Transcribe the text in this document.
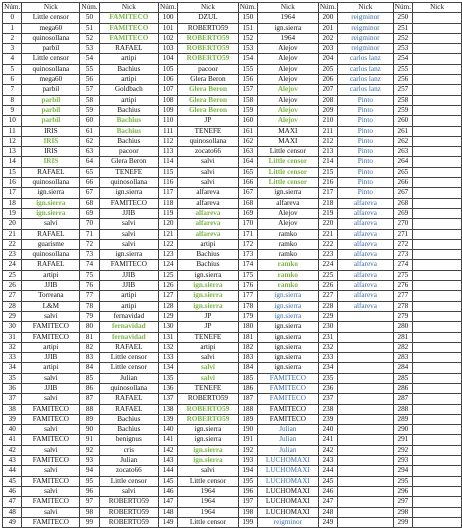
Núm.	Nick	Núm.	Nick	Núm.	Nick	Núm.	Nick	Núm.	Nick	Núm.	Nick
0	Little censor	50	FAMITECO	100	DZUL	150	1964	200	reigminor	250	
1	mega60	51	FAMITECO	101	ROBERTO59	151	ign.sierra	201	reigminor	251	
2	quinosollana	52	FAMITECO	102	ROBERTO59	152	1964	202	reigminor	252	
3	parbil	53	RAFAEL	103	ROBERTO59	153	Alejov	203	reigminor	253	
4	Little censor	54	artipi	104	ROBERTO59	154	Alejov	204	carlos lanz	254	
5	quinosollana	55	Bachius	105	pacoor	155	Alejov	205	carlos lanz	255	
6	mega60	56	artipi	106	Glera Beron	156	Alejov	206	carlos lanz	256	
7	parbil	57	Goldbach	107	Glera Beron	157	Alejov	207	carlos lanz	257	
8	parbil	58	artipi	108	Glera Beron	158	Alejov	208	Pinto	258	
9	parbil	59	Bachius	109	Glera Beron	159	Alejov	209	Pinto	259	
10	parbil	60	Bachius	110	JP	160	Alejov	210	Pinto	260	
11	IRIS	61	Bachius	111	TENEFE	161	MAXI	211	Pinto	261	
12	IRIS	62	Bachius	112	quinosollana	162	MAXI	212	Pinto	262	
13	IRIS	63	pacoor	113	zocato66	163	Little censor	213	Pinto	263	
14	IRIS	64	Glera Beron	114	salvi	164	Little censor	214	Pinto	264	
15	RAFAEL	65	TENEFE	115	salvi	165	Little censor	215	Pinto	265	
16	quinosollana	66	quinosollana	116	salvi	166	Little censor	216	Pinto	266	
17	ign.sierra	67	ign.sierra	117	alfareva	167	ign.sierra	217	Pinto	267	
18	ign.sierra	68	FAMITECO	118	alfareva	168	alfareva	218	alfareva	268	
19	ign.sierra	69	JJIB	119	alfareva	169	Alejov	219	alfareva	269	
20	salvi	70	salvi	120	alfareva	170	Alejov	220	alfareva	270	
21	RAFAEL	71	salvi	121	alfareva	171	ramko	221	alfareva	271	
22	guarisme	72	salvi	122	artipi	172	ramko	222	alfareva	272	
23	quinosollana	73	ign.sierra	123	Bachius	173	ramko	223	alfareva	273	
24	RAFAEL	74	FAMITECO	124	Bachius	174	ramko	224	alfareva	274	
25	artipi	75	JJIB	125	ign.sierra	175	ramko	225	alfareva	275	
26	JJIB	76	JJIB	126	ign.sierra	176	ramko	226	alfareva	276	
27	Torreana	77	artipi	127	ign.sierra	177	ign.sierra	227	alfareva	277	
28	L&M	78	artipi	128	ign.sierra	178	ign.sierra	228	alfareva	278	
29	salvi	79	fernavidad	129	JP	179	ign.sierra	229		279	
30	FAMITECO	80	fernavidad	130	JP	180	ign.sierra	230		280	
31	FAMITECO	81	fernavidad	131	TENEFE	181	ign.sierra	231		281	
32	artipi	82	RAFAEL	132	artipi	182	ign.sierra	232		282	
33	JJIB	83	Little censor	133	salvi	183	ign.sierra	233		283	
34	artipi	84	Little censor	134	salvi	184	ign.sierra	234		284	
35	salvi	85	Julian	135	salvi	185	FAMITECO	235		285	
36	JJIB	86	quinosollana	136	TENEFE	186	FAMITECO	236		286	
37	salvi	87	RAFAEL	137	ROBERTO59	187	FAMITECO	237		287	
38	FAMITECO	88	RAFAEL	138	ROBERTO59	188	FAMITECO	238		288	
39	FAMITECO	89	Bachius	139	ROBERTO59	189	FAMITECO	239		289	
40	salvi	90	Bachius	140	ign.sierra	190	Julian	240		290	
41	FAMITECO	91	benignus	141	ign.sierra	191	Julian	241		291	
42	salvi	92	cris	142	ign.sierra	192	Julian	242		292	
43	FAMITECO	93	Julian	143	ign.sierra	193	LUCHOMAXI	243		293	
44	salvi	94	zocato66	144	salvi	194	LUCHOMAXI	244		294	
45	FAMITECO	95	Little censor	145	Little censor	195	LUCHOMAXI	245		295	
46	salvi	96	salvi	146	1964	196	LUCHOMAXI	246		296	
47	FAMITECO	97	ROBERTO59	147	1964	197	LUCHOMAXI	247		297	
48	salvi	98	ROBERTO59	148	1964	198	LUCHOMAXI	248		298	
49	FAMITECO	99	ROBERTO59	149	Little censor	199	reigminor	249		299	
